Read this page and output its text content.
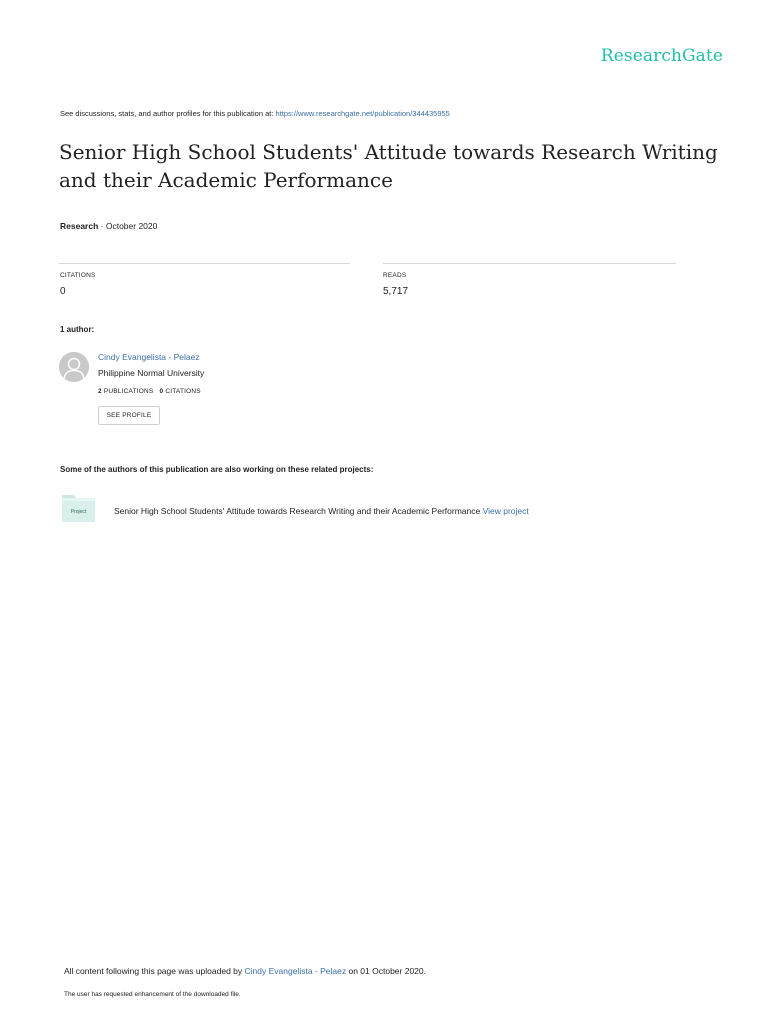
ResearchGate
See discussions, stats, and author profiles for this publication at: https://www.researchgate.net/publication/344435955
Senior High School Students' Attitude towards Research Writing and their Academic Performance
Research · October 2020
CITATIONS
0
READS
5,717
1 author:
Cindy Evangelista - Pelaez
Philippine Normal University
2 PUBLICATIONS 0 CITATIONS
SEE PROFILE
Some of the authors of this publication are also working on these related projects:
Project	Senior High School Students' Attitude towards Research Writing and their Academic Performance View project
All content following this page was uploaded by Cindy Evangelista - Pelaez on 01 October 2020.
The user has requested enhancement of the downloaded file.
